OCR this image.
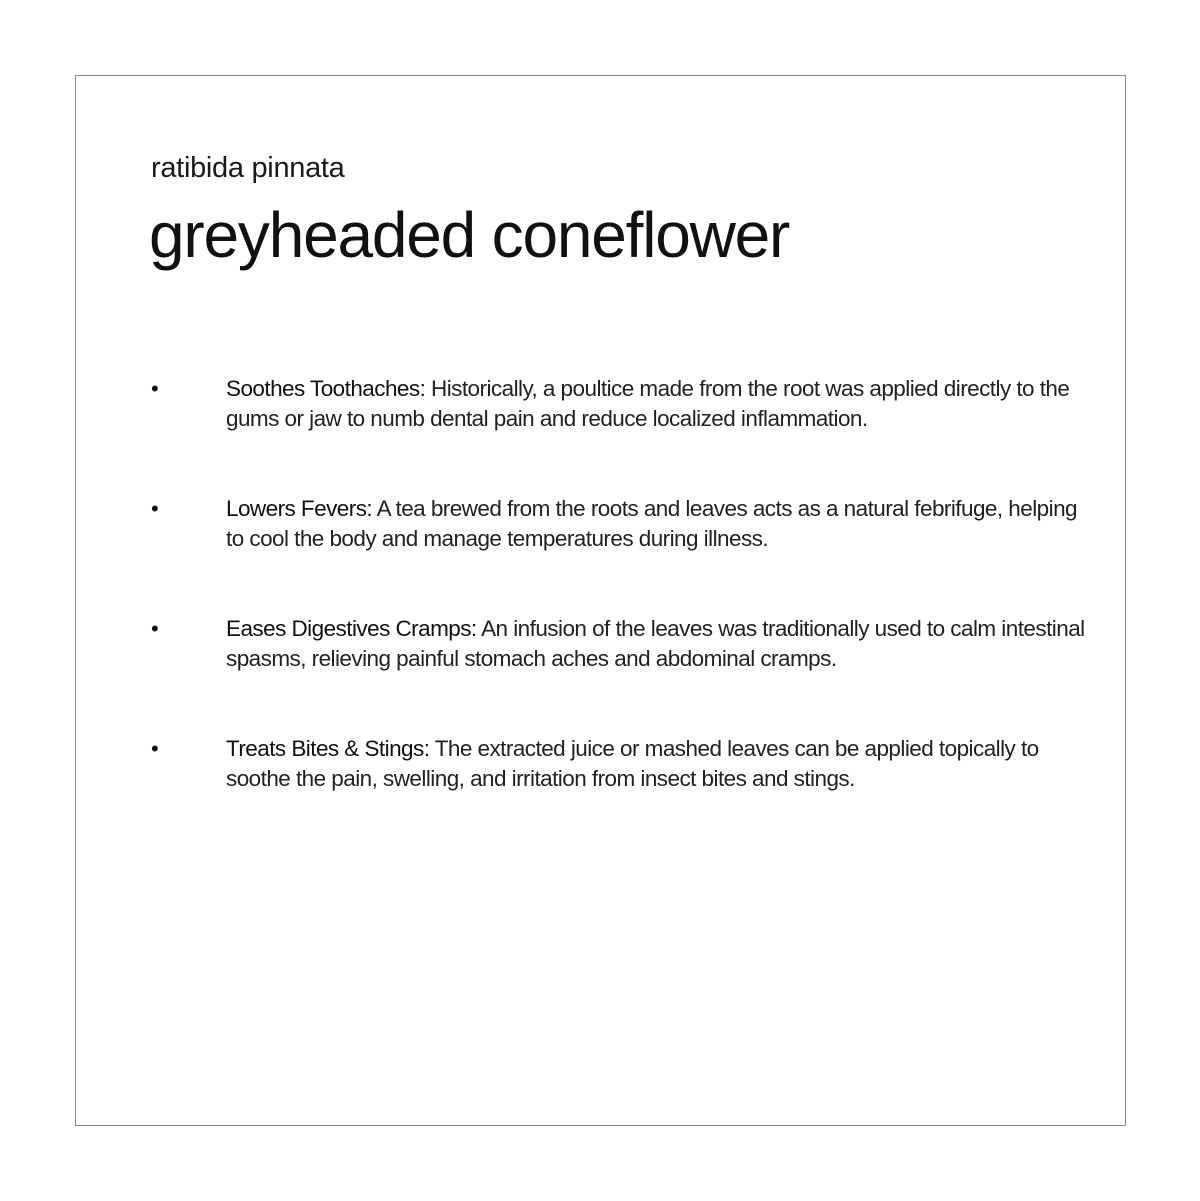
ratibida pinnata
greyheaded coneflower
•	Soothes Toothaches: Historically, a poultice made from the root was applied directly to the gums or jaw to numb dental pain and reduce localized inflammation.
•	Lowers Fevers: A tea brewed from the roots and leaves acts as a natural febrifuge, helping to cool the body and manage temperatures during illness.
•	Eases Digestives Cramps: An infusion of the leaves was traditionally used to calm intestinal spasms, relieving painful stomach aches and abdominal cramps.
•	Treats Bites & Stings: The extracted juice or mashed leaves can be applied topically to soothe the pain, swelling, and irritation from insect bites and stings.
